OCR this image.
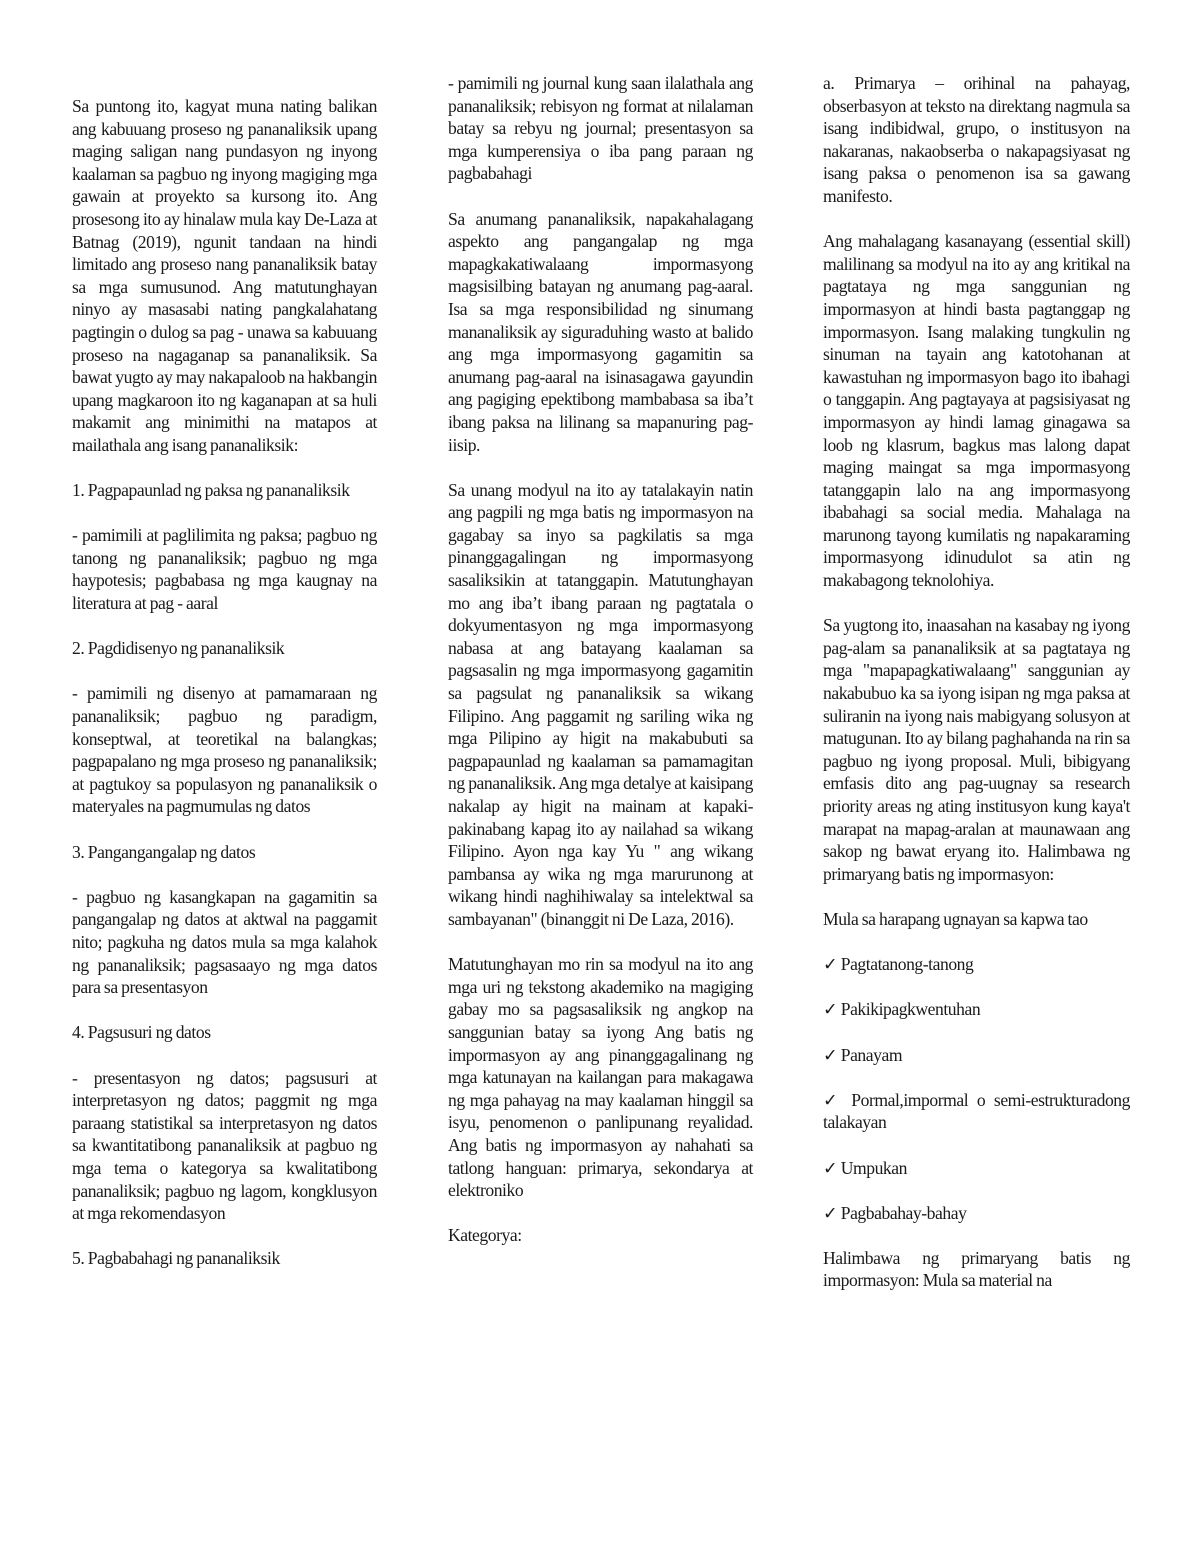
Sa puntong ito, kagyat muna nating balikan ang kabuuang proseso ng pananaliksik upang maging saligan nang pundasyon ng inyong kaalaman sa pagbuo ng inyong magiging mga gawain at proyekto sa kursong ito. Ang prosesong ito ay hinalaw mula kay De-Laza at Batnag (2019), ngunit tandaan na hindi limitado ang proseso nang pananaliksik batay sa mga sumusunod. Ang matutunghayan ninyo ay masasabi nating pangkalahatang pagtingin o dulog sa pag - unawa sa kabuuang proseso na nagaganap sa pananaliksik. Sa bawat yugto ay may nakapaloob na hakbangin upang magkaroon ito ng kaganapan at sa huli makamit ang minimithi na matapos at mailathala ang isang pananaliksik:

1. Pagpapaunlad ng paksa ng pananaliksik

- pamimili at paglilimita ng paksa; pagbuo ng tanong ng pananaliksik; pagbuo ng mga haypotesis; pagbabasa ng mga kaugnay na literatura at pag - aaral

2. Pagdidisenyo ng pananaliksik

- pamimili ng disenyo at pamamaraan ng pananaliksik; pagbuo ng paradigm, konseptwal, at teoretikal na balangkas; pagpapalano ng mga proseso ng pananaliksik; at pagtukoy sa populasyon ng pananaliksik o materyales na pagmumulas ng datos

3. Pangangangalap ng datos

- pagbuo ng kasangkapan na gagamitin sa pangangalap ng datos at aktwal na paggamit nito; pagkuha ng datos mula sa mga kalahok ng pananaliksik; pagsasaayo ng mga datos para sa presentasyon

4. Pagsusuri ng datos

- presentasyon ng datos; pagsusuri at interpretasyon ng datos; paggmit ng mga paraang statistikal sa interpretasyon ng datos sa kwantitatibong pananaliksik at pagbuo ng mga tema o kategorya sa kwalitatibong pananaliksik; pagbuo ng lagom, kongklusyon at mga rekomendasyon

5. Pagbabahagi ng pananaliksik

- pamimili ng journal kung saan ilalathala ang pananaliksik; rebisyon ng format at nilalaman batay sa rebyu ng journal; presentasyon sa mga kumperensiya o iba pang paraan ng pagbabahagi

Sa anumang pananaliksik, napakahalagang aspekto ang pangangalap ng mga mapagkakatiwalaang impormasyong magsisilbing batayan ng anumang pag-aaral. Isa sa mga responsibilidad ng sinumang mananaliksik ay siguraduhing wasto at balido ang mga impormasyong gagamitin sa anumang pag-aaral na isinasagawa gayundin ang pagiging epektibong mambabasa sa iba’t ibang paksa na lilinang sa mapanuring pag-iisip.

Sa unang modyul na ito ay tatalakayin natin ang pagpili ng mga batis ng impormasyon na gagabay sa inyo sa pagkilatis sa mga pinanggagalingan ng impormasyong sasaliksikin at tatanggapin. Matutunghayan mo ang iba’t ibang paraan ng pagtatala o dokyumentasyon ng mga impormasyong nabasa at ang batayang kaalaman sa pagsasalin ng mga impormasyong gagamitin sa pagsulat ng pananaliksik sa wikang Filipino. Ang paggamit ng sariling wika ng mga Pilipino ay higit na makabubuti sa pagpapaunlad ng kaalaman sa pamamagitan ng pananaliksik. Ang mga detalye at kaisipang nakalap ay higit na mainam at kapaki-pakinabang kapag ito ay nailahad sa wikang Filipino. Ayon nga kay Yu " ang wikang pambansa ay wika ng mga marurunong at wikang hindi naghihiwalay sa intelektwal sa sambayanan" (binanggit ni De Laza, 2016).

Matutunghayan mo rin sa modyul na ito ang mga uri ng tekstong akademiko na magiging gabay mo sa pagsasaliksik ng angkop na sanggunian batay sa iyong Ang batis ng impormasyon ay ang pinanggagalinang ng mga katunayan na kailangan para makagawa ng mga pahayag na may kaalaman hinggil sa isyu, penomenon o panlipunang reyalidad. Ang batis ng impormasyon ay nahahati sa tatlong hanguan: primarya, sekondarya at elektroniko

Kategorya:

a. Primarya – orihinal na pahayag, obserbasyon at teksto na direktang nagmula sa isang indibidwal, grupo, o institusyon na nakaranas, nakaobserba o nakapagsiyasat ng isang paksa o penomenon isa sa gawang manifesto.

Ang mahalagang kasanayang (essential skill) malilinang sa modyul na ito ay ang kritikal na pagtataya ng mga sanggunian ng impormasyon at hindi basta pagtanggap ng impormasyon. Isang malaking tungkulin ng sinuman na tayain ang katotohanan at kawastuhan ng impormasyon bago ito ibahagi o tanggapin. Ang pagtayaya at pagsisiyasat ng impormasyon ay hindi lamag ginagawa sa loob ng klasrum, bagkus mas lalong dapat maging maingat sa mga impormasyong tatanggapin lalo na ang impormasyong ibabahagi sa social media. Mahalaga na marunong tayong kumilatis ng napakaraming impormasyong idinudulot sa atin ng makabagong teknolohiya.

Sa yugtong ito, inaasahan na kasabay ng iyong pag-alam sa pananaliksik at sa pagtataya ng mga "mapapagkatiwalaang" sanggunian ay nakabubuo ka sa iyong isipan ng mga paksa at suliranin na iyong nais mabigyang solusyon at matugunan. Ito ay bilang paghahanda na rin sa pagbuo ng iyong proposal. Muli, bibigyang emfasis dito ang pag-uugnay sa research priority areas ng ating institusyon kung kaya't marapat na mapag-aralan at maunawaan ang sakop ng bawat eryang ito. Halimbawa ng primaryang batis ng impormasyon:

Mula sa harapang ugnayan sa kapwa tao

✓ Pagtatanong-tanong

✓ Pakikipagkwentuhan

✓ Panayam

✓ Pormal,impormal o semi-estrukturadong talakayan

✓ Umpukan

✓ Pagbabahay-bahay

Halimbawa ng primaryang batis ng impormasyon: Mula sa material na
